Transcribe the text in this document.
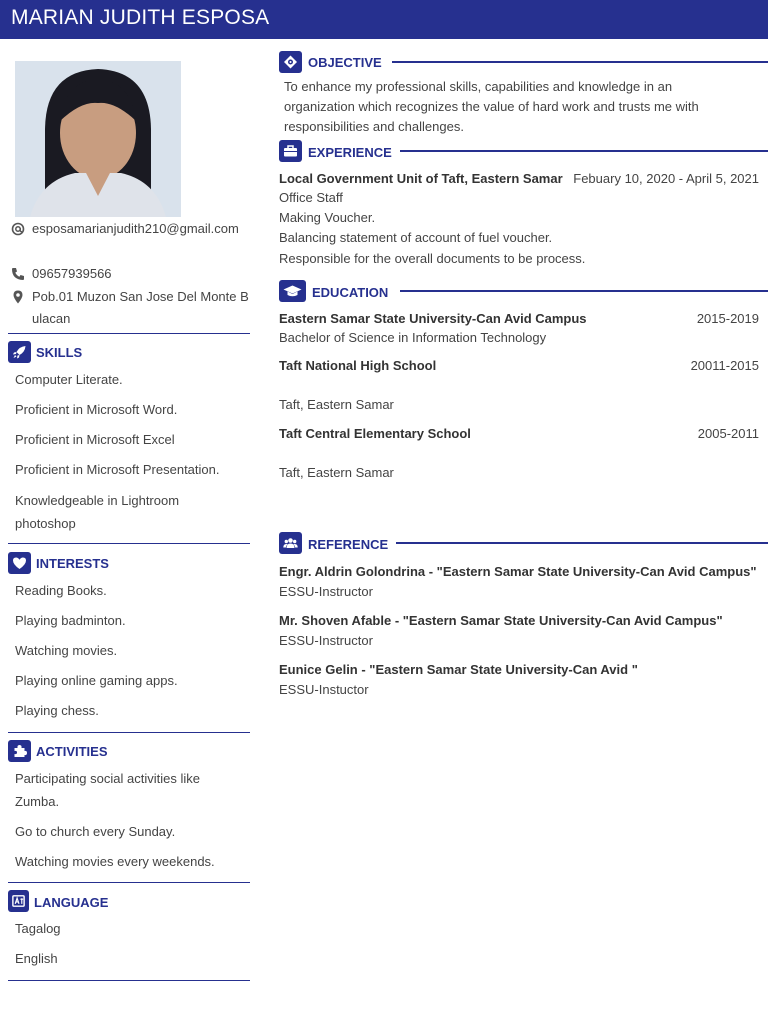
MARIAN JUDITH ESPOSA
esposamarianjudith210@gmail.com
09657939566
Pob.01 Muzon San Jose Del Monte Bulacan
SKILLS
Computer Literate.
Proficient in Microsoft Word.
Proficient in Microsoft Excel
Proficient in Microsoft Presentation.
Knowledgeable in Lightroom photoshop
INTERESTS
Reading Books.
Playing badminton.
Watching movies.
Playing online gaming apps.
Playing chess.
ACTIVITIES
Participating social activities like Zumba.
Go to church every Sunday.
Watching movies every weekends.
LANGUAGE
Tagalog
English
OBJECTIVE
To enhance my professional skills, capabilities and knowledge in an organization which recognizes the value of hard work and trusts me with responsibilities and challenges.
EXPERIENCE
Local Government Unit of Taft, Eastern Samar Febuary 10, 2020 - April 5, 2021
Office Staff
Making Voucher.
Balancing statement of account of fuel voucher.
Responsible for the overall documents to be process.
EDUCATION
Eastern Samar State University-Can Avid Campus	2015-2019
Bachelor of Science in Information Technology
Taft National High School	20011-2015
Taft, Eastern Samar
Taft Central Elementary School	2005-2011
Taft, Eastern Samar
REFERENCE
Engr. Aldrin Golondrina - "Eastern Samar State University-Can Avid Campus"
ESSU-Instructor
Mr. Shoven Afable - "Eastern Samar State University-Can Avid Campus"
ESSU-Instructor
Eunice Gelin - "Eastern Samar State University-Can Avid "
ESSU-Instuctor
